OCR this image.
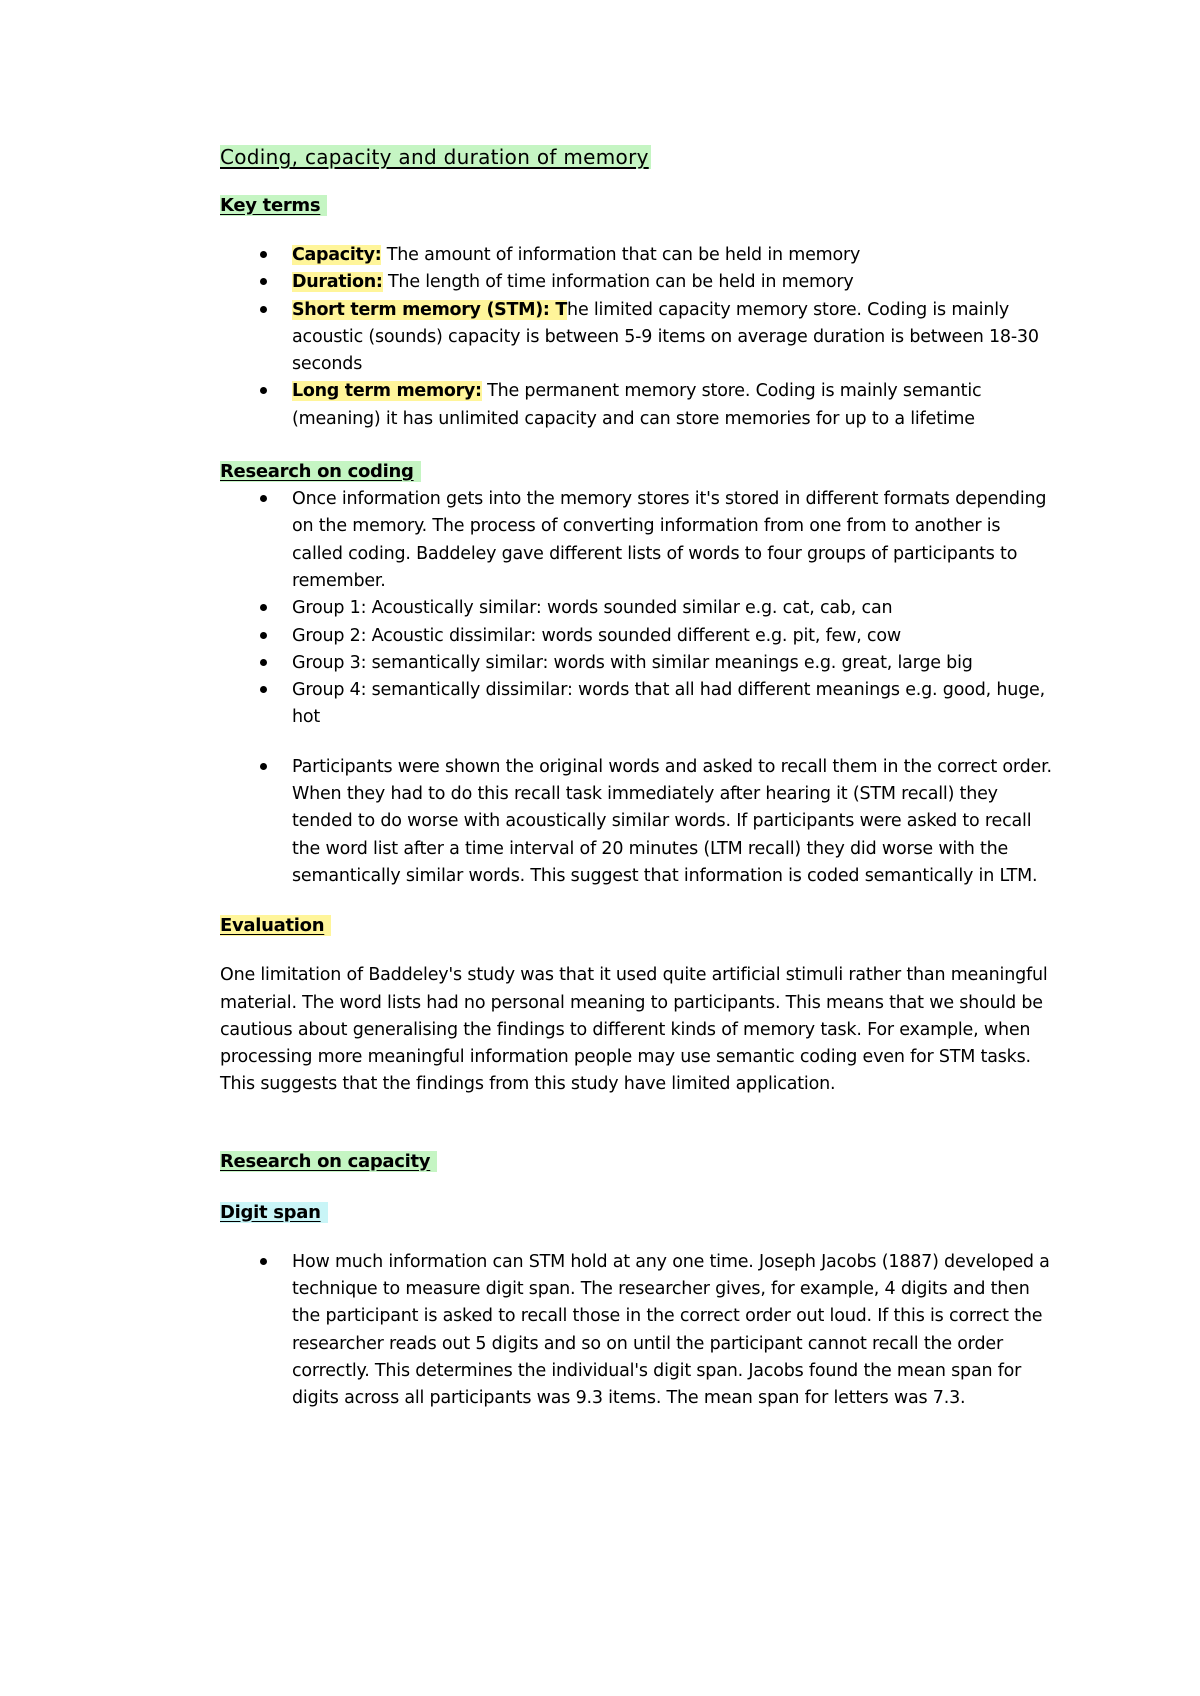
Coding, capacity and duration of memory
Key terms
Capacity: The amount of information that can be held in memory
Duration: The length of time information can be held in memory
Short term memory (STM): The limited capacity memory store. Coding is mainly acoustic (sounds) capacity is between 5-9 items on average duration is between 18-30 seconds
Long term memory: The permanent memory store. Coding is mainly semantic (meaning) it has unlimited capacity and can store memories for up to a lifetime
Research on coding
Once information gets into the memory stores it's stored in different formats depending on the memory. The process of converting information from one from to another is called coding. Baddeley gave different lists of words to four groups of participants to remember.
Group 1: Acoustically similar: words sounded similar e.g. cat, cab, can
Group 2: Acoustic dissimilar: words sounded different e.g. pit, few, cow
Group 3: semantically similar: words with similar meanings e.g. great, large big
Group 4: semantically dissimilar: words that all had different meanings e.g. good, huge, hot
Participants were shown the original words and asked to recall them in the correct order. When they had to do this recall task immediately after hearing it (STM recall) they tended to do worse with acoustically similar words. If participants were asked to recall the word list after a time interval of 20 minutes (LTM recall) they did worse with the semantically similar words. This suggest that information is coded semantically in LTM.
Evaluation

One limitation of Baddeley's study was that it used quite artificial stimuli rather than meaningful material. The word lists had no personal meaning to participants. This means that we should be cautious about generalising the findings to different kinds of memory task. For example, when processing more meaningful information people may use semantic coding even for STM tasks. This suggests that the findings from this study have limited application.

Research on capacity
Digit span
How much information can STM hold at any one time. Joseph Jacobs (1887) developed a technique to measure digit span. The researcher gives, for example, 4 digits and then the participant is asked to recall those in the correct order out loud. If this is correct the researcher reads out 5 digits and so on until the participant cannot recall the order correctly. This determines the individual's digit span. Jacobs found the mean span for digits across all participants was 9.3 items. The mean span for letters was 7.3.
